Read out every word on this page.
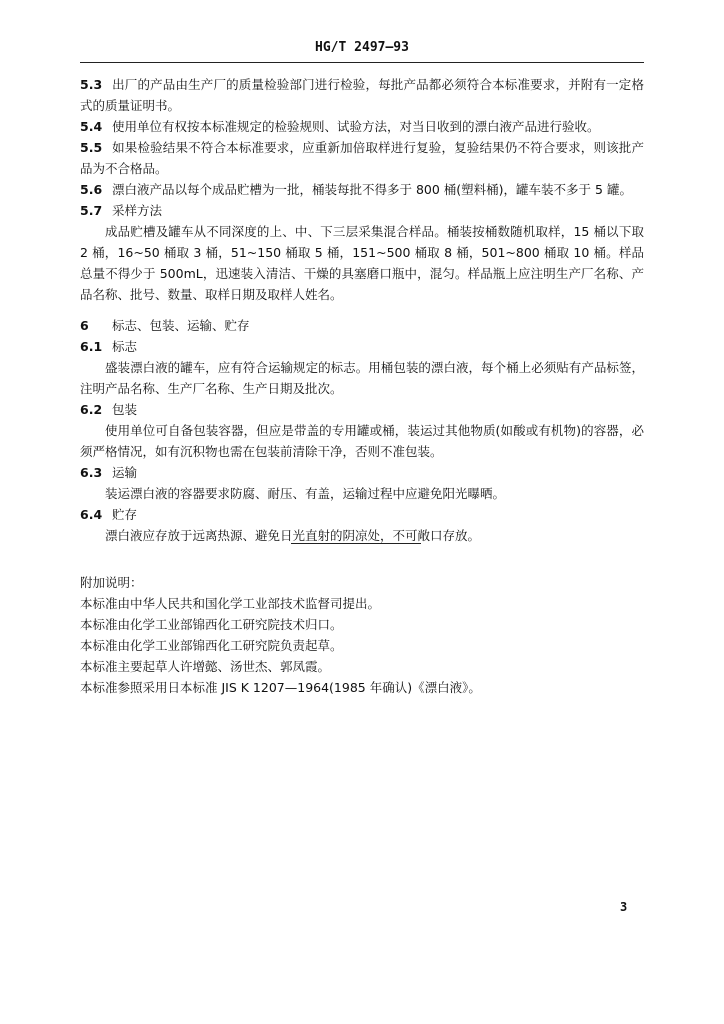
HG/T 2497—93

5.3 出厂的产品由生产厂的质量检验部门进行检验，每批产品都必须符合本标准要求，并附有一定格式的质量证明书。

5.4 使用单位有权按本标准规定的检验规则、试验方法，对当日收到的漂白液产品进行验收。

5.5 如果检验结果不符合本标准要求，应重新加倍取样进行复验，复验结果仍不符合要求，则该批产品为不合格品。

5.6 漂白液产品以每个成品贮槽为一批，桶装每批不得多于 800 桶(塑料桶)，罐车装不多于 5 罐。

5.7 采样方法

成品贮槽及罐车从不同深度的上、中、下三层采集混合样品。桶装按桶数随机取样，15 桶以下取 2 桶，16~50 桶取 3 桶，51~150 桶取 5 桶，151~500 桶取 8 桶，501~800 桶取 10 桶。样品总量不得少于 500mL，迅速装入清洁、干燥的具塞磨口瓶中，混匀。样品瓶上应注明生产厂名称、产品名称、批号、数量、取样日期及取样人姓名。

6 标志、包装、运输、贮存

6.1 标志

盛装漂白液的罐车，应有符合运输规定的标志。用桶包装的漂白液，每个桶上必须贴有产品标签，注明产品名称、生产厂名称、生产日期及批次。

6.2 包装

使用单位可自备包装容器，但应是带盖的专用罐或桶，装运过其他物质(如酸或有机物)的容器，必须严格情况，如有沉积物也需在包装前清除干净，否则不准包装。

6.3 运输

装运漂白液的容器要求防腐、耐压、有盖，运输过程中应避免阳光曝晒。

6.4 贮存

漂白液应存放于远离热源、避免日光直射的阴凉处，不可敞口存放。

附加说明：

本标准由中华人民共和国化学工业部技术监督司提出。

本标准由化学工业部锦西化工研究院技术归口。

本标准由化学工业部锦西化工研究院负责起草。

本标准主要起草人许增懿、汤世杰、郭凤霞。

本标准参照采用日本标准 JIS K 1207—1964(1985 年确认)《漂白液》。

3
